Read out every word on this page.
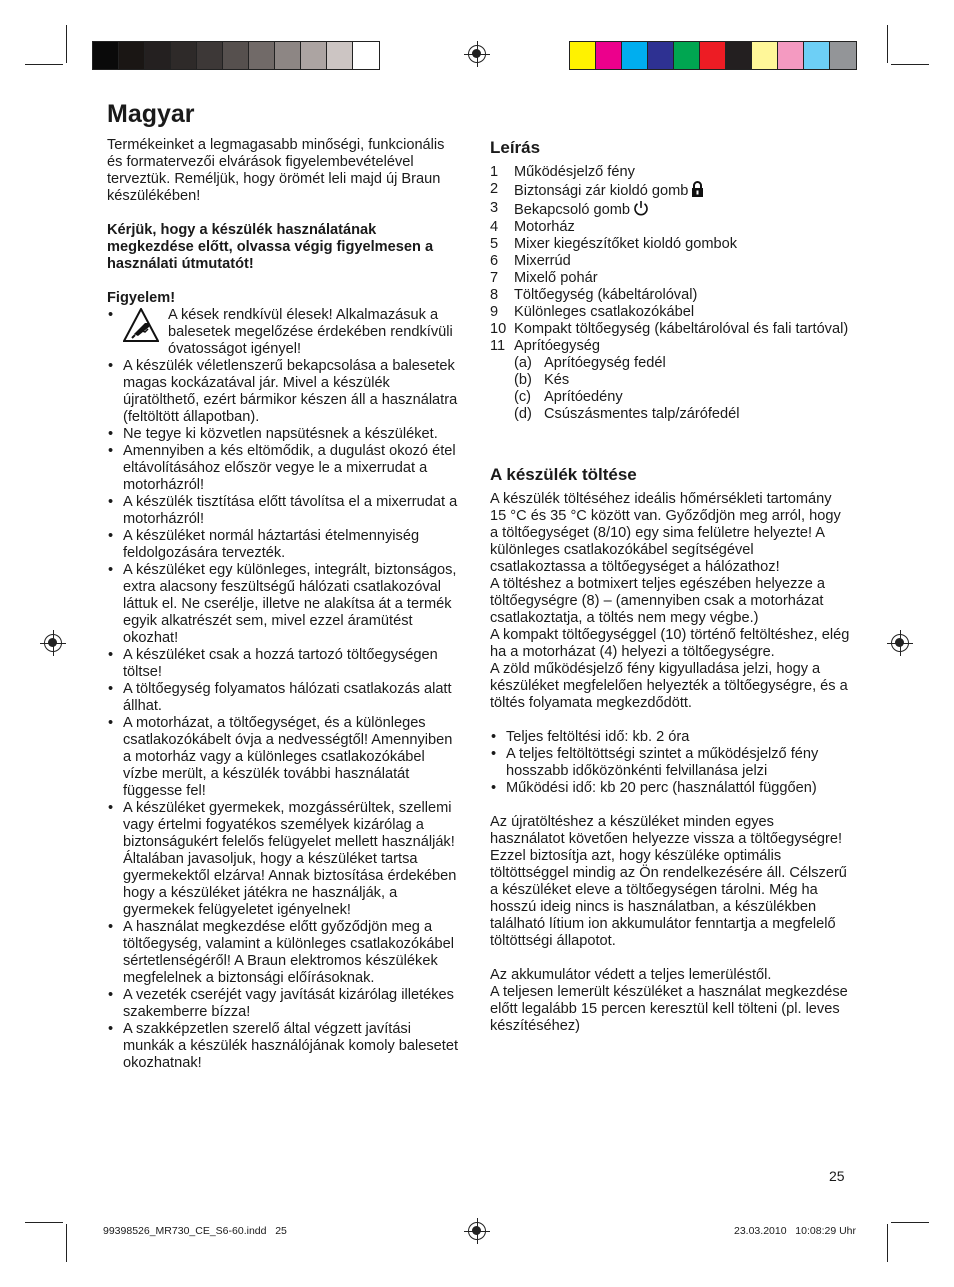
Magyar

Termékeinket a legmagasabb minőségi, funkcionális és formatervezői elvárások figyelembevételével terveztük. Reméljük, hogy örömét leli majd új Braun készülékében!

Kérjük, hogy a készülék használatának megkezdése előtt, olvassa végig figyelmesen a használati útmutatót!

Figyelem!

• A kések rendkívül élesek! Alkalmazásuk a balesetek megelőzése érdekében rendkívüli óvatosságot igényel!
• A készülék véletlenszerű bekapcsolása a balesetek magas kockázatával jár. Mivel a készülék újratölthető, ezért bármikor készen áll a használatra (feltöltött állapotban).
• Ne tegye ki közvetlen napsütésnek a készüléket.
• Amennyiben a kés eltömődik, a dugulást okozó étel eltávolításához először vegye le a mixerrudat a motorházról!
• A készülék tisztítása előtt távolítsa el a mixerrudat a motorházról!
• A készüléket normál háztartási ételmennyiség feldolgozására tervezték.
• A készüléket egy különleges, integrált, biztonságos, extra alacsony feszültségű hálózati csatlakozóval láttuk el. Ne cserélje, illetve ne alakítsa át a termék egyik alkatrészét sem, mivel ezzel áramütést okozhat!
• A készüléket csak a hozzá tartozó töltőegységen töltse!
• A töltőegység folyamatos hálózati csatlakozás alatt állhat.
• A motorházat, a töltőegységet, és a különleges csatlakozókábelt óvja a nedvességtől! Amennyiben a motorház vagy a különleges csatlakozókábel vízbe merült, a készülék további használatát függesse fel!
• A készüléket gyermekek, mozgássérültek, szellemi vagy értelmi fogyatékos személyek kizárólag a biztonságukért felelős felügyelet mellett használják! Általában javasoljuk, hogy a készüléket tartsa gyermekektől elzárva! Annak biztosítása érdekében hogy a készüléket játékra ne használják, a gyermekek felügyeletet igényelnek!
• A használat megkezdése előtt győződjön meg a töltőegység, valamint a különleges csatlakozókábel sértetlenségéről! A Braun elektromos készülékek megfelelnek a biztonsági előírásoknak.
• A vezeték cseréjét vagy javítását kizárólag illetékes szakemberre bízza!
• A szakképzetlen szerelő által végzett javítási munkák a készülék használójának komoly balesetet okozhatnak!
Leírás
1	Működésjelző fény
2	Biztonsági zár kioldó gomb
3	Bekapcsoló gomb
4	Motorház
5	Mixer kiegészítőket kioldó gombok
6	Mixerrúd
7	Mixelő pohár
8	Töltőegység (kábeltárolóval)
9	Különleges csatlakozókábel
10 Kompakt töltőegység (kábeltárolóval és fali tartóval)
11 Aprítóegység
(a) Aprítóegység fedél
(b) Kés
(c) Aprítóedény
(d) Csúszásmentes talp/zárófedél
A készülék töltése

A készülék töltéséhez ideális hőmérsékleti tartomány 15 °C és 35 °C között van. Győződjön meg arról, hogy a töltőegységet (8/10) egy sima felületre helyezte! A különleges csatlakozókábel segítségével csatlakoztassa a töltőegységet a hálózathoz!
A töltéshez a botmixert teljes egészében helyezze a töltőegységre (8) – (amennyiben csak a motorházat csatlakoztatja, a töltés nem megy végbe.)
A kompakt töltőegységgel (10) történő feltöltéshez, elég ha a motorházat (4) helyezi a töltőegységre.
A zöld működésjelző fény kigyulladása jelzi, hogy a készüléket megfelelően helyezték a töltőegységre, és a töltés folyamata megkezdődött.

• Teljes feltöltési idő: kb. 2 óra
• A teljes feltöltöttségi szintet a működésjelző fény hosszabb időközönkénti felvillanása jelzi
• Működési idő: kb 20 perc (használattól függően)

Az újratöltéshez a készüléket minden egyes használatot követően helyezze vissza a töltőegységre! Ezzel biztosítja azt, hogy készüléke optimális töltöttséggel mindig az Ön rendelkezésére áll. Célszerű a készüléket eleve a töltőegységen tárolni. Még ha hosszú ideig nincs is használatban, a készülékben található lítium ion akkumulátor fenntartja a megfelelő töltöttségi állapotot.

Az akkumulátor védett a teljes lemerüléstől.
A teljesen lemerült készüléket a használat megkezdése előtt legalább 15 percen keresztül kell tölteni (pl. leves készítéséhez)

25
99398526_MR730_CE_S6-60.indd   25	23.03.2010   10:08:29 Uhr
